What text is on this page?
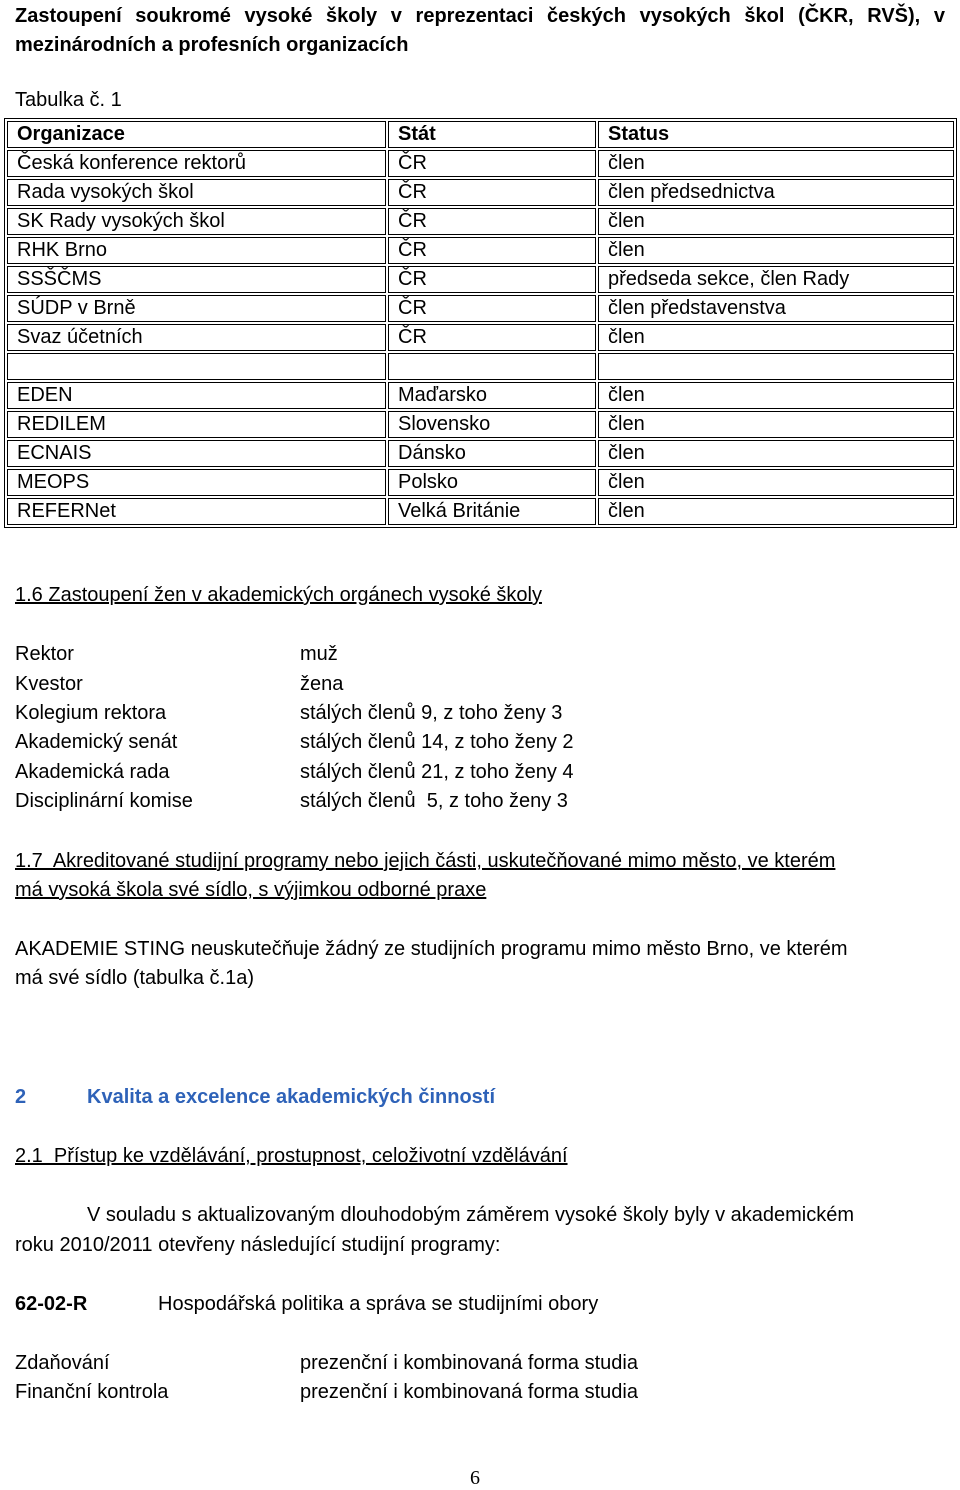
Zastoupení soukromé vysoké školy v reprezentaci českých vysokých škol (ČKR, RVŠ), v mezinárodních a profesních organizacích
Tabulka č. 1
Organizace	Stát	Status
Česká konference rektorů	ČR	člen
Rada vysokých škol	ČR	člen předsednictva
SK Rady vysokých škol	ČR	člen
RHK Brno	ČR	člen
SSŠČMS	ČR	předseda sekce, člen Rady
SÚDP v Brně	ČR	člen představenstva
Svaz účetních	ČR	člen

EDEN	Maďarsko	člen
REDILEM	Slovensko	člen
ECNAIS	Dánsko	člen
MEOPS	Polsko	člen
REFERNet	Velká Británie	člen
1.6 Zastoupení žen v akademických orgánech vysoké školy
Rektor	muž
Kvestor	žena
Kolegium rektora	stálých členů 9, z toho ženy 3
Akademický senát	stálých členů 14, z toho ženy 2
Akademická rada	stálých členů 21, z toho ženy 4
Disciplinární komise	stálých členů  5, z toho ženy 3
1.7  Akreditované studijní programy nebo jejich části, uskutečňované mimo město, ve kterém
má vysoká škola své sídlo, s výjimkou odborné praxe
AKADEMIE STING neuskutečňuje žádný ze studijních programu mimo město Brno, ve kterém
má své sídlo (tabulka č.1a)
2	Kvalita a excelence akademických činností
2.1  Přístup ke vzdělávání, prostupnost, celoživotní vzdělávání
V souladu s aktualizovaným dlouhodobým záměrem vysoké školy byly v akademickém
roku 2010/2011 otevřeny následující studijní programy:
62-02-R	Hospodářská politika a správa se studijními obory
Zdaňování	prezenční i kombinovaná forma studia
Finanční kontrola	prezenční i kombinovaná forma studia
6
